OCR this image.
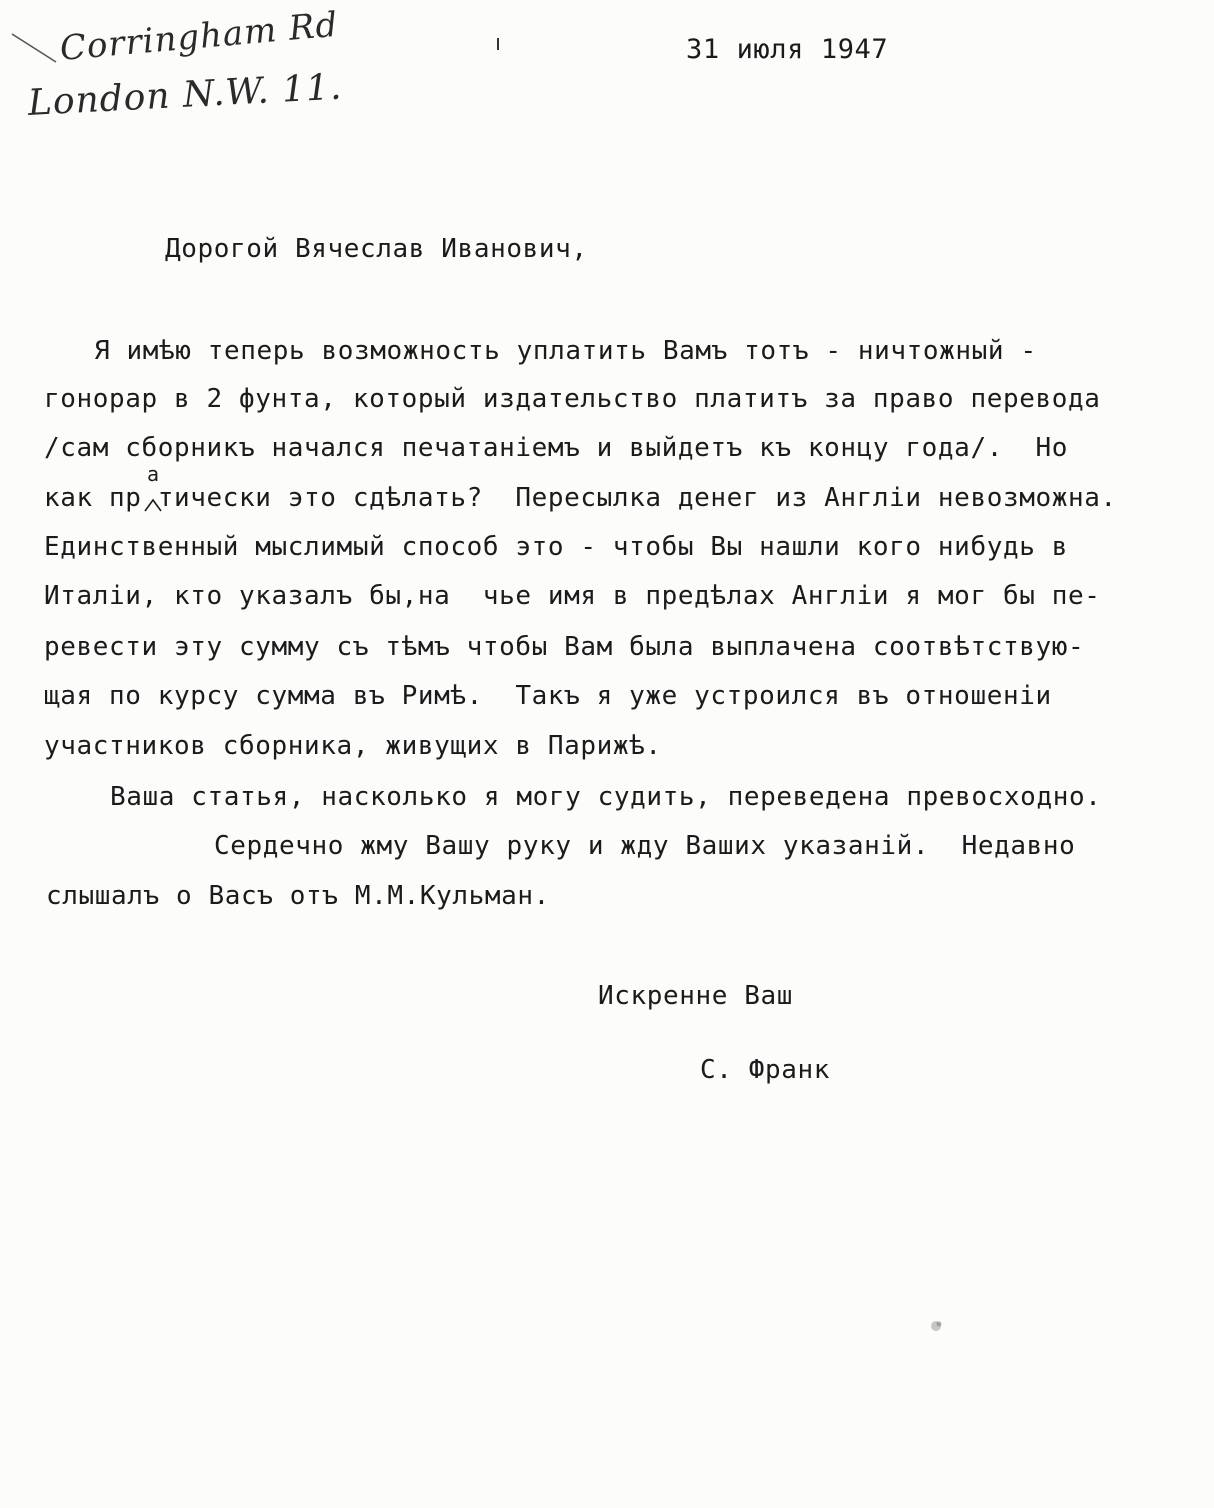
Corringham Rd
London N.W. 11.
31 июля 1947
Дорогой Вячеслав Иванович,
Я имѣю теперь возможность уплатить Вамъ тотъ - ничтожный -
гонорар в 2 фунта, который издательство платитъ за право перевода
/сам сборникъ начался печатаніемъ и выйдетъ къ концу года/.  Но
как пр тически это сдѣлать?  Пересылка денег из Англіи невозможна.
а
Единственный мыслимый способ это - чтобы Вы нашли кого нибудь в
Италіи, кто указалъ бы,на  чье имя в предѣлах Англіи я мог бы пе-
ревести эту сумму съ тѣмъ чтобы Вам была выплачена соотвѣтствую-
щая по курсу сумма въ Римѣ.  Такъ я уже устроился въ отношеніи
участников сборника, живущих в Парижѣ.
Ваша статья, насколько я могу судить, переведена превосходно.
Сердечно жму Вашу руку и жду Ваших указаній.  Недавно
слышалъ о Васъ отъ М.М.Кульман.
Искренне Ваш
С. Франк
